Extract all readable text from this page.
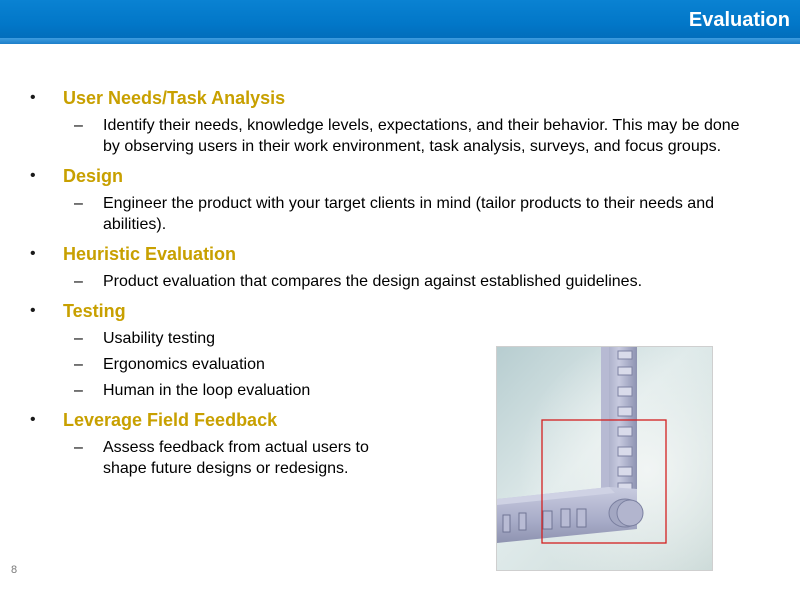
Evaluation
• User Needs/Task Analysis
– Identify their needs, knowledge levels, expectations, and their behavior. This may be done by observing users in their work environment, task analysis, surveys, and focus groups.
• Design
– Engineer the product with your target clients in mind (tailor products to their needs and abilities).
• Heuristic Evaluation
– Product evaluation that compares the design against established guidelines.
• Testing
– Usability testing
– Ergonomics evaluation
– Human in the loop evaluation
• Leverage Field Feedback
– Assess feedback from actual users to shape future designs or redesigns.
8
